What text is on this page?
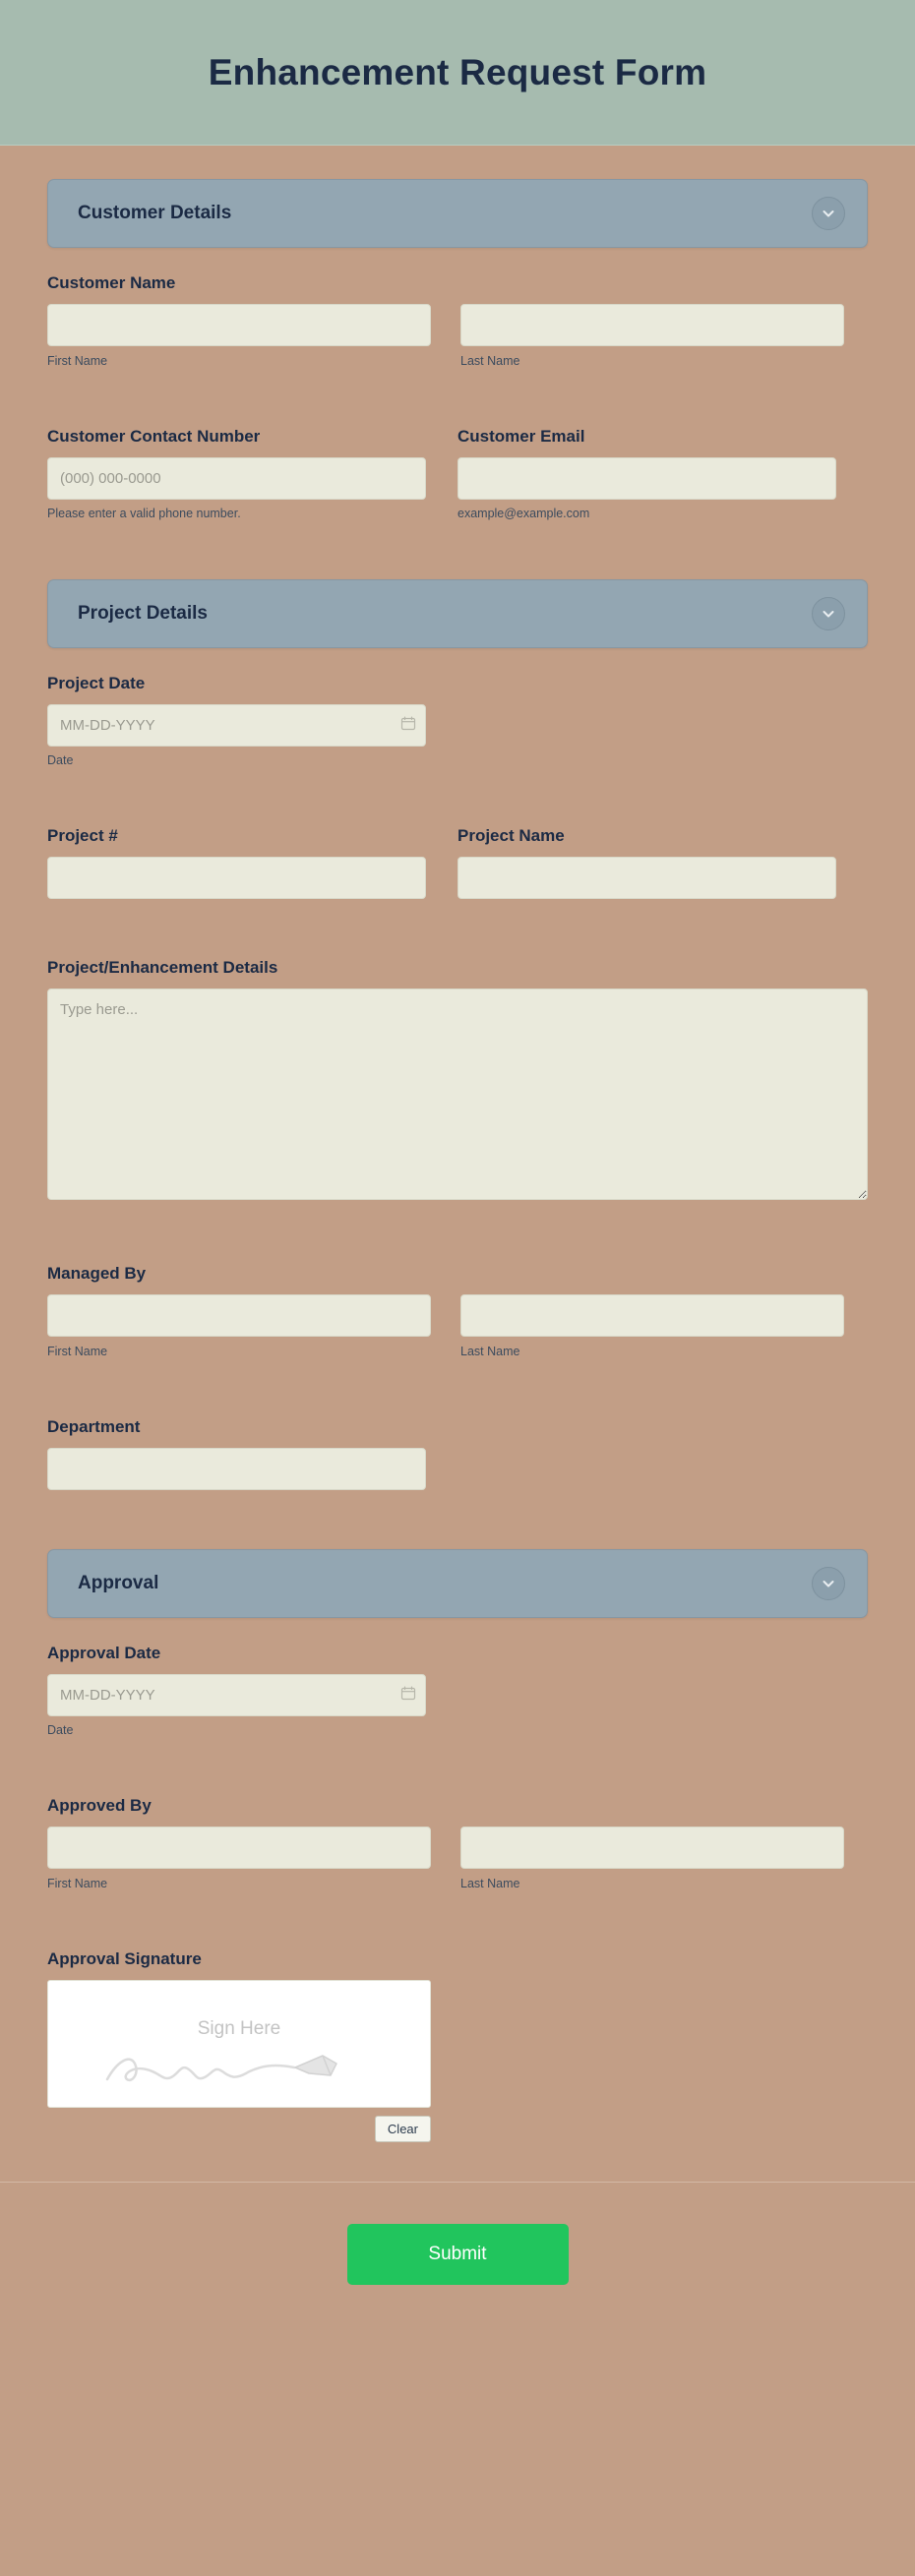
Enhancement Request Form
Customer Details
Customer Name
First Name	Last Name
Customer Contact Number
(000) 000-0000
Please enter a valid phone number.
Customer Email
example@example.com
Project Details
Project Date
MM-DD-YYYY
Date
Project #	Project Name
Project/Enhancement Details
Type here...
Managed By
First Name	Last Name
Department
Approval
Approval Date
MM-DD-YYYY
Date
Approved By
First Name	Last Name
Approval Signature
Sign Here
Clear
Submit
